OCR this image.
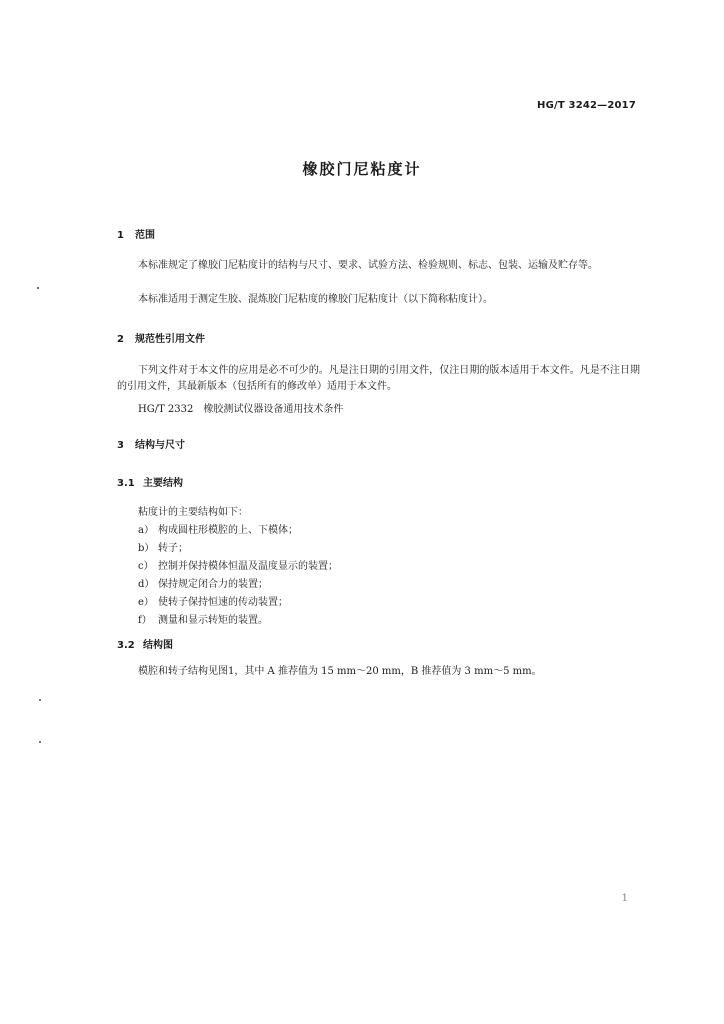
HG/T 3242—2017
橡胶门尼粘度计
1 范围
本标准规定了橡胶门尼粘度计的结构与尺寸、要求、试验方法、检验规则、标志、包装、运输及贮存等。
本标准适用于测定生胶、混炼胶门尼粘度的橡胶门尼粘度计（以下简称粘度计）。
2 规范性引用文件
下列文件对于本文件的应用是必不可少的。凡是注日期的引用文件，仅注日期的版本适用于本文件。凡是不注日期的引用文件，其最新版本（包括所有的修改单）适用于本文件。
HG/T 2332　橡胶测试仪器设备通用技术条件
3 结构与尺寸
3.1 主要结构
粘度计的主要结构如下：
a） 构成圆柱形模腔的上、下模体；
b） 转子；
c） 控制并保持模体恒温及温度显示的装置；
d） 保持规定闭合力的装置；
e） 使转子保持恒速的传动装置；
f） 测量和显示转矩的装置。
3.2 结构图
模腔和转子结构见图1，其中 A 推荐值为 15 mm～20 mm，B 推荐值为 3 mm～5 mm。
1
